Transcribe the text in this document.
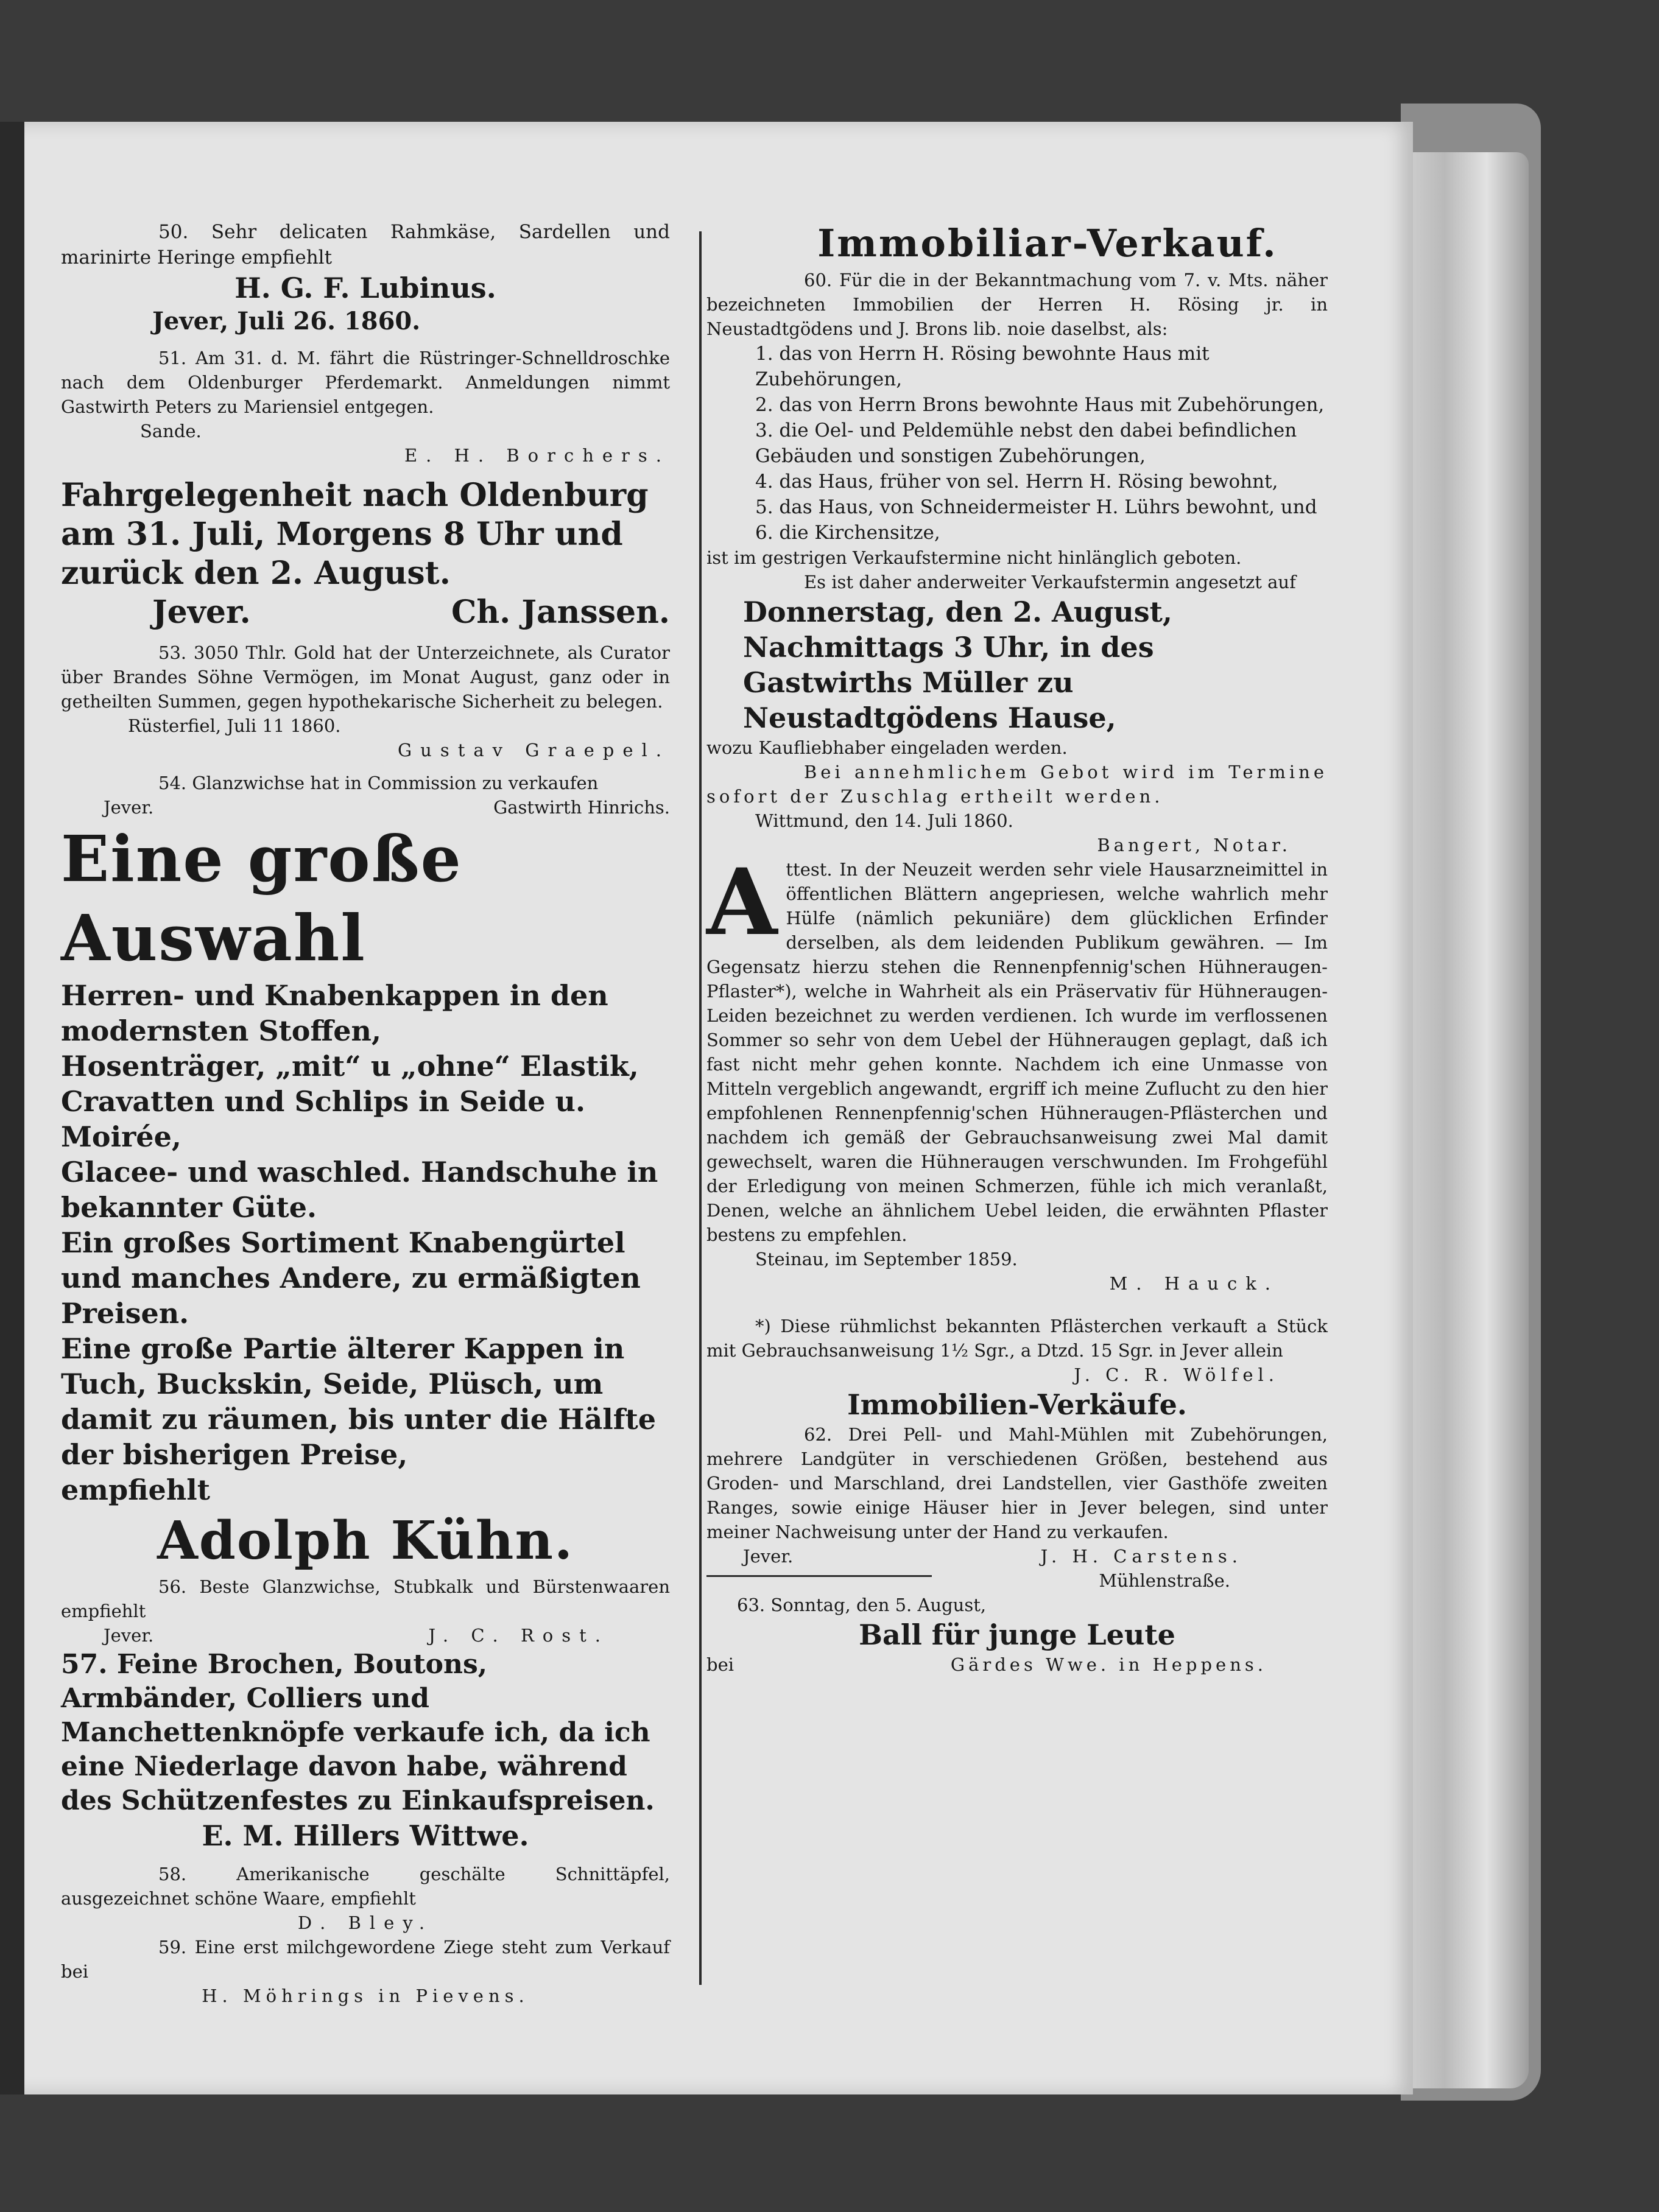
50. Sehr delicaten Rahmkäse, Sardellen und marinirte Heringe empfiehlt

H. G. F. Lubinus.

Jever, Juli 26. 1860.

51. Am 31. d. M. fährt die Rüstringer-Schnelldroschke nach dem Oldenburger Pferdemarkt. Anmeldungen nimmt Gastwirth Peters zu Mariensiel entgegen.

Sande.

E. H. Borchers.

Fahrgelegenheit nach Oldenburg

am 31. Juli, Morgens 8 Uhr und

zurück den 2. August.

Jever.	Ch. Janssen.

53. 3050 Thlr. Gold hat der Unterzeichnete, als Curator über Brandes Söhne Vermögen, im Monat August, ganz oder in getheilten Summen, gegen hypothekarische Sicherheit zu belegen.

Rüsterfiel, Juli 11 1860.

Gustav Graepel.

54. Glanzwichse hat in Commission zu verkaufen

Jever.	Gastwirth Hinrichs.

Eine große Auswahl

Herren- und Knabenkappen in den modernsten Stoffen,

Hosenträger, „mit“ u „ohne“ Elastik,

Cravatten und Schlips in Seide u. Moirée,

Glacee- und waschled. Handschuhe in bekannter Güte.

Ein großes Sortiment Knabengürtel und manches Andere, zu ermäßigten Preisen.

Eine große Partie älterer Kappen in Tuch, Buckskin, Seide, Plüsch, um damit zu räumen, bis unter die Hälfte der bisherigen Preise,

empfiehlt

Adolph Kühn.

56. Beste Glanzwichse, Stubkalk und Bürstenwaaren empfiehlt

Jever.	J. C. Rost.

57. Feine Brochen, Boutons, Armbänder, Colliers und Manchettenknöpfe verkaufe ich, da ich eine Niederlage davon habe, während des Schützenfestes zu Einkaufspreisen.

E. M. Hillers Wittwe.

58. Amerikanische geschälte Schnittäpfel, ausgezeichnet schöne Waare, empfiehlt

D. Bley.

59. Eine erst milchgewordene Ziege steht zum Verkauf bei

H. Möhrings in Pievens.

Immobiliar-Verkauf.

60. Für die in der Bekanntmachung vom 7. v. Mts. näher bezeichneten Immobilien der Herren H. Rösing jr. in Neustadtgödens und J. Brons lib. noie daselbst, als:

1. das von Herrn H. Rösing bewohnte Haus mit Zubehörungen,

2. das von Herrn Brons bewohnte Haus mit Zubehörungen,

3. die Oel- und Peldemühle nebst den dabei befindlichen Gebäuden und sonstigen Zubehörungen,

4. das Haus, früher von sel. Herrn H. Rösing bewohnt,

5. das Haus, von Schneidermeister H. Lührs bewohnt, und

6. die Kirchensitze,

ist im gestrigen Verkaufstermine nicht hinlänglich geboten.

Es ist daher anderweiter Verkaufstermin angesetzt auf

Donnerstag, den 2. August, Nachmittags 3 Uhr, in des Gastwirths Müller zu Neustadtgödens Hause,

wozu Kaufliebhaber eingeladen werden.

Bei annehmlichem Gebot wird im Termine sofort der Zuschlag ertheilt werden.

Wittmund, den 14. Juli 1860.

Bangert, Notar.

A ttest. In der Neuzeit werden sehr viele Hausarzneimittel in öffentlichen Blättern angepriesen, welche wahrlich mehr Hülfe (nämlich pekuniäre) dem glücklichen Erfinder derselben, als dem leidenden Publikum gewähren. — Im Gegensatz hierzu stehen die Rennenpfennig'schen Hühneraugen-Pflaster*), welche in Wahrheit als ein Präservativ für Hühneraugen-Leiden bezeichnet zu werden verdienen. Ich wurde im verflossenen Sommer so sehr von dem Uebel der Hühneraugen geplagt, daß ich fast nicht mehr gehen konnte. Nachdem ich eine Unmasse von Mitteln vergeblich angewandt, ergriff ich meine Zuflucht zu den hier empfohlenen Rennenpfennig'schen Hühneraugen-Pflästerchen und nachdem ich gemäß der Gebrauchsanweisung zwei Mal damit gewechselt, waren die Hühneraugen verschwunden. Im Frohgefühl der Erledigung von meinen Schmerzen, fühle ich mich veranlaßt, Denen, welche an ähnlichem Uebel leiden, die erwähnten Pflaster bestens zu empfehlen.

Steinau, im September 1859.

M. Hauck.

*) Diese rühmlichst bekannten Pflästerchen verkauft a Stück mit Gebrauchsanweisung 1½ Sgr., a Dtzd. 15 Sgr. in Jever allein

J. C. R. Wölfel.

Immobilien-Verkäufe.

62. Drei Pell- und Mahl-Mühlen mit Zubehörungen, mehrere Landgüter in verschiedenen Größen, bestehend aus Groden- und Marschland, drei Landstellen, vier Gasthöfe zweiten Ranges, sowie einige Häuser hier in Jever belegen, sind unter meiner Nachweisung unter der Hand zu verkaufen.

Jever.	J. H. Carstens.

Mühlenstraße.

63. Sonntag, den 5. August,

Ball für junge Leute

bei	Gärdes Wwe. in Heppens.
